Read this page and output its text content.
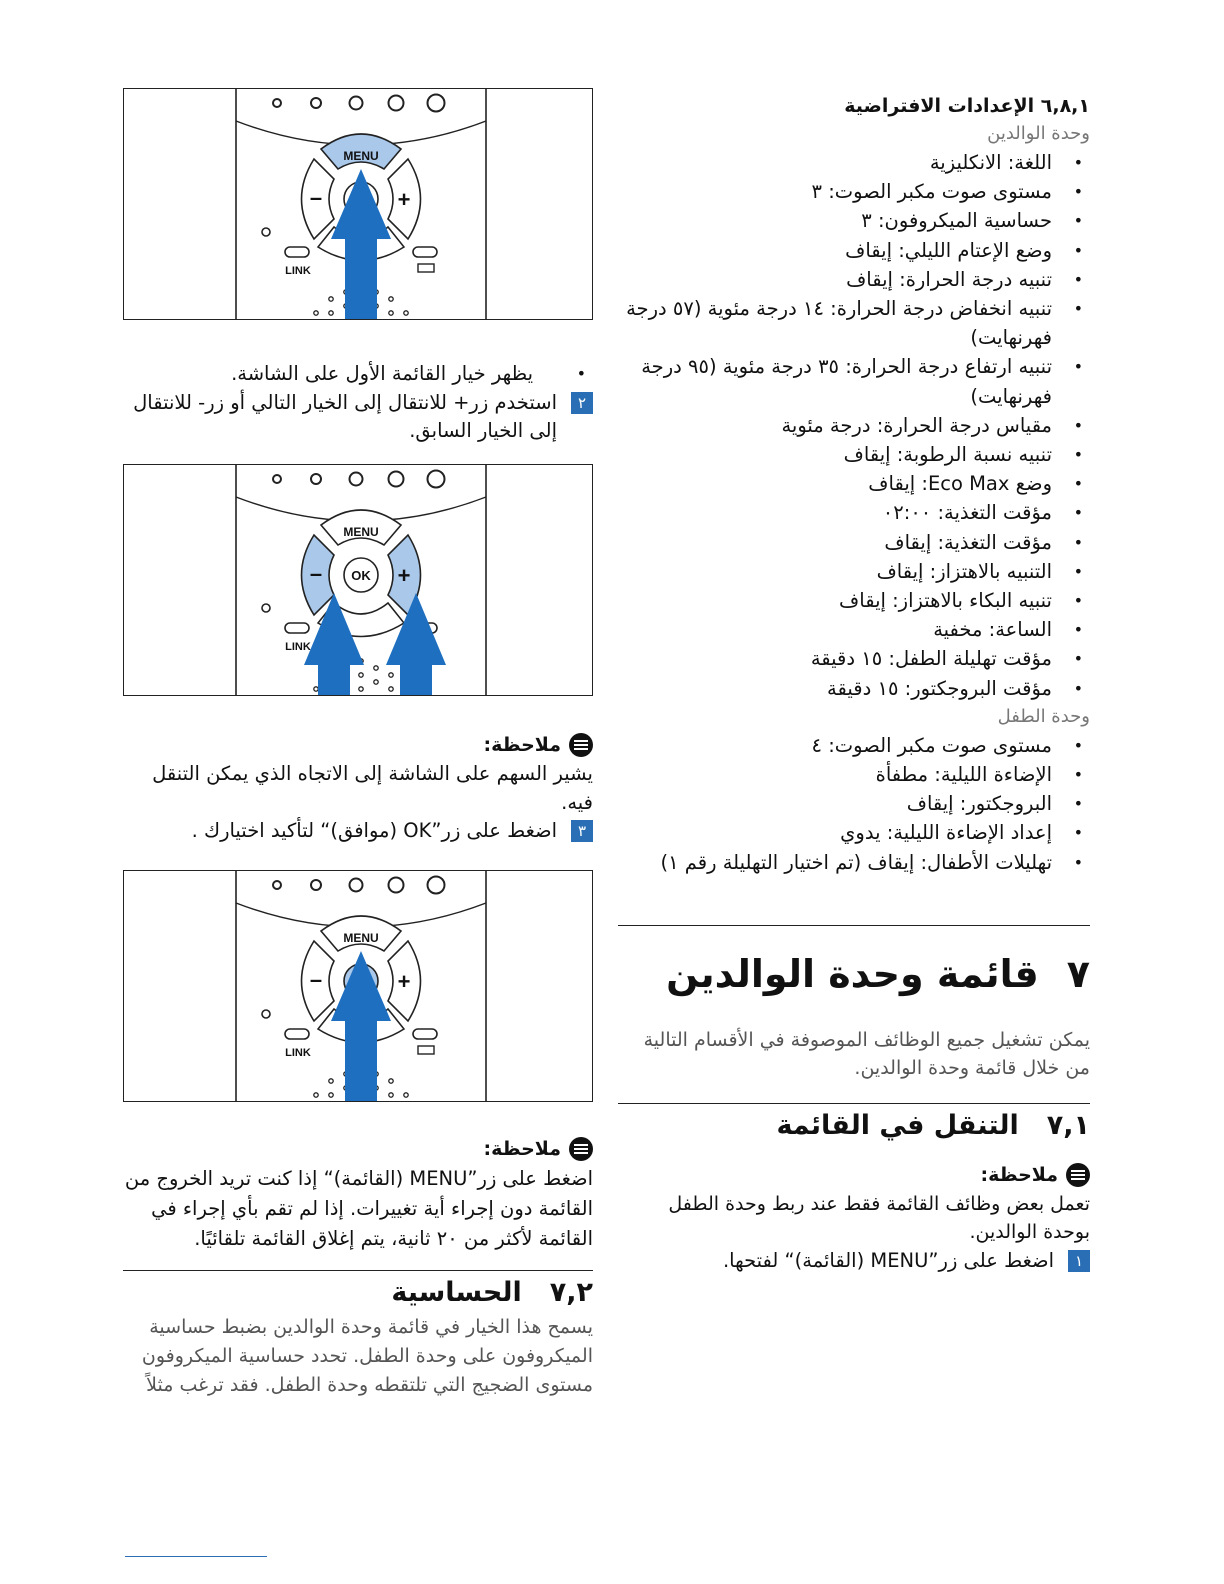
٦,٨,١ الإعدادات الافتراضية

وحدة الوالدين

• اللغة: الانكليزية
• مستوى صوت مكبر الصوت: ٣
• حساسية الميكروفون: ٣
• وضع الإعتام الليلي: إيقاف
• تنبيه درجة الحرارة: إيقاف
• تنبيه انخفاض درجة الحرارة: ١٤ درجة مئوية (٥٧ درجة فهرنهايت)
• تنبيه ارتفاع درجة الحرارة: ٣٥ درجة مئوية (٩٥ درجة فهرنهايت)
• مقياس درجة الحرارة: درجة مئوية
• تنبيه نسبة الرطوبة: إيقاف
• وضع Eco Max: إيقاف
• مؤقت التغذية: ٠٢:٠٠
• مؤقت التغذية: إيقاف
• التنبيه بالاهتزاز: إيقاف
• تنبيه البكاء بالاهتزاز: إيقاف
• الساعة: مخفية
• مؤقت تهليلة الطفل: ١٥ دقيقة
• مؤقت البروجكتور: ١٥ دقيقة

وحدة الطفل

• مستوى صوت مكبر الصوت: ٤
• الإضاءة الليلية: مطفأة
• البروجكتور: إيقاف
• إعداد الإضاءة الليلية: يدوي
• تهليلات الأطفال: إيقاف (تم اختيار التهليلة رقم ١)
٧قائمة وحدة الوالدين

يمكن تشغيل جميع الوظائف الموصوفة في الأقسام التالية من خلال قائمة وحدة الوالدين.

٧,١التنقل في القائمة
ملاحظة:

تعمل بعض وظائف القائمة فقط عند ربط وحدة الطفل بوحدة الوالدين.

١
اضغط على زر”MENU (القائمة)“ لفتحها.
MENU
–	+
LINK
MENU
–	+
OK
LINK
MENU
–	+
LINK
• يظهر خيار القائمة الأول على الشاشة.
٢
استخدم زر+ للانتقال إلى الخيار التالي أو زر- للانتقال إلى الخيار السابق.
ملاحظة:

يشير السهم على الشاشة إلى الاتجاه الذي يمكن التنقل فيه.

٣
اضغط على زر”OK (موافق)“ لتأكيد اختيارك .
ملاحظة:

اضغط على زر”MENU (القائمة)“ إذا كنت تريد الخروج من القائمة دون إجراء أية تغييرات. إذا لم تقم بأي إجراء في القائمة لأكثر من ٢٠ ثانية، يتم إغلاق القائمة تلقائيًا.

٧,٢الحساسية

يسمح هذا الخيار في قائمة وحدة الوالدين بضبط حساسية الميكروفون على وحدة الطفل. تحدد حساسية الميكروفون مستوى الضجيج التي تلتقطه وحدة الطفل. فقد ترغب مثلاً
